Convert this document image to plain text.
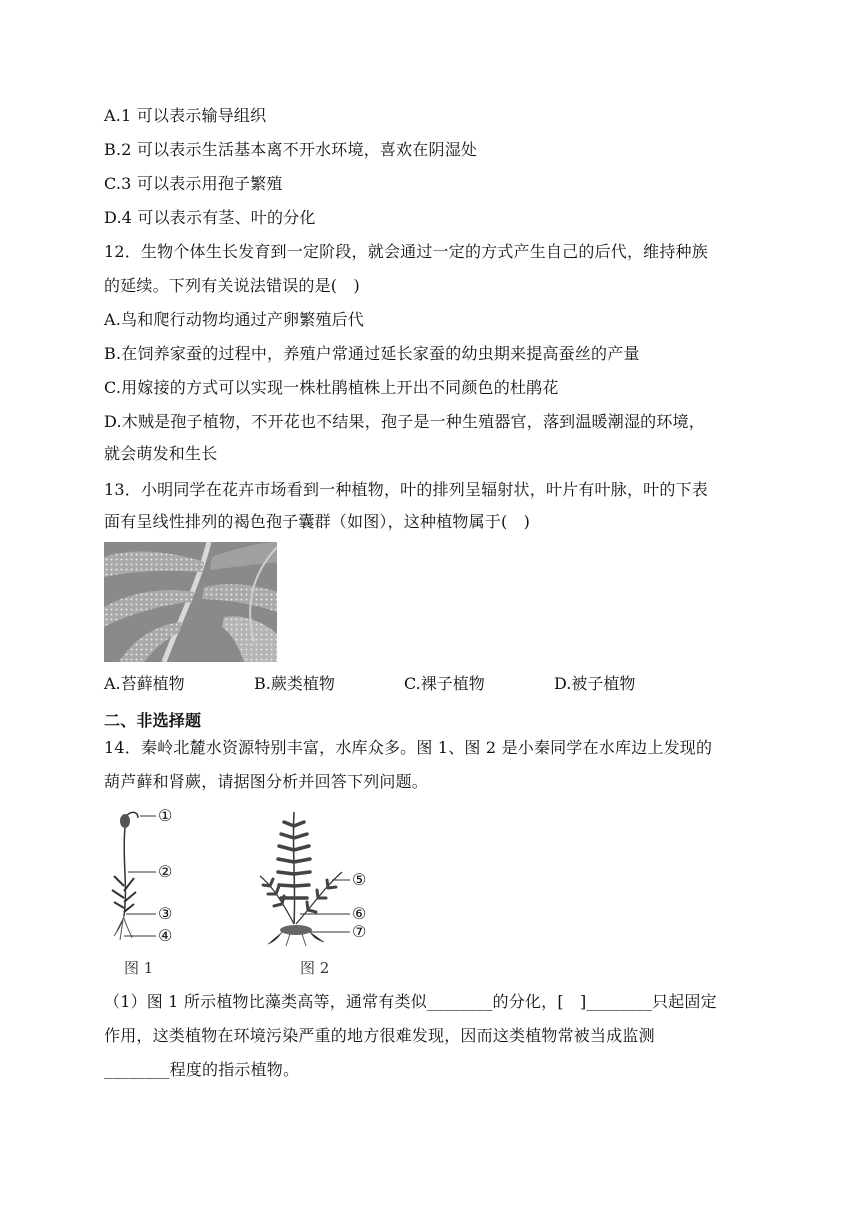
A.1 可以表示输导组织
B.2 可以表示生活基本离不开水环境，喜欢在阴湿处
C.3 可以表示用孢子繁殖
D.4 可以表示有茎、叶的分化
12．生物个体生长发育到一定阶段，就会通过一定的方式产生自己的后代，维持种族
的延续。下列有关说法错误的是(　)
A.鸟和爬行动物均通过产卵繁殖后代
B.在饲养家蚕的过程中，养殖户常通过延长家蚕的幼虫期来提高蚕丝的产量
C.用嫁接的方式可以实现一株杜鹃植株上开出不同颜色的杜鹃花
D.木贼是孢子植物，不开花也不结果，孢子是一种生殖器官，落到温暖潮湿的环境，
就会萌发和生长
13．小明同学在花卉市场看到一种植物，叶的排列呈辐射状，叶片有叶脉，叶的下表
面有呈线性排列的褐色孢子囊群（如图），这种植物属于(　)
A.苔藓植物	B.蕨类植物	C.裸子植物	D.被子植物
二、非选择题
14．秦岭北麓水资源特别丰富，水库众多。图 1、图 2 是小秦同学在水库边上发现的
葫芦藓和肾蕨，请据图分析并回答下列问题。
①
②
③
④
图 1
⑤
⑥
⑦
图 2
（1）图 1 所示植物比藻类高等，通常有类似________的分化，[　]________只起固定
作用，这类植物在环境污染严重的地方很难发现，因而这类植物常被当成监测
________程度的指示植物。
